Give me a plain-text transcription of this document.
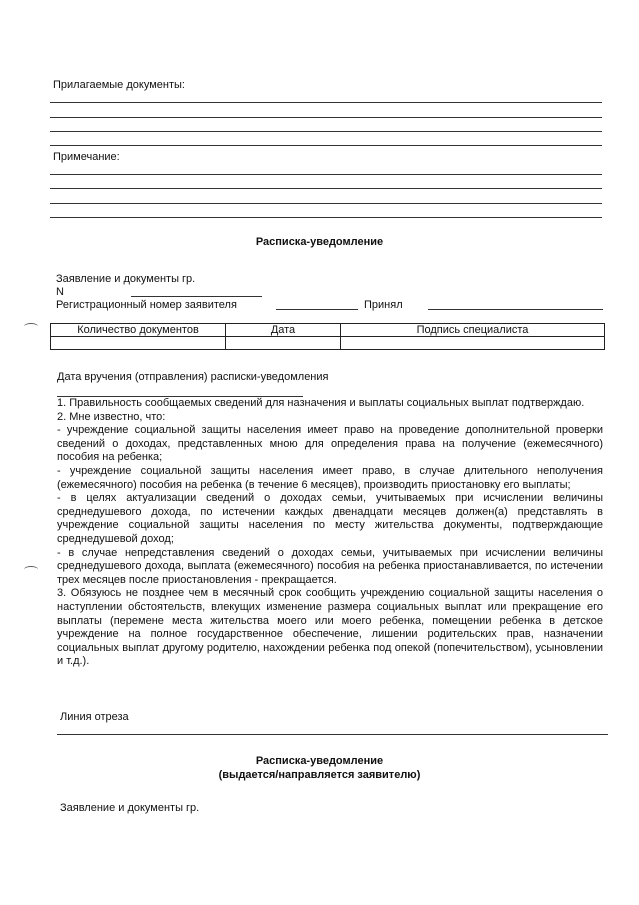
Прилагаемые документы:
Примечание:
Расписка-уведомление
Заявление и документы гр.
N
Регистрационный номер заявителя	Принял
Количество документов	Дата	Подпись специалиста

Дата вручения (отправления) расписки-уведомления

1. Правильность сообщаемых сведений для назначения и выплаты социальных выплат подтверждаю.

2. Мне известно, что:

- учреждение социальной защиты населения имеет право на проведение дополнительной проверки сведений о доходах, представленных мною для определения права на получение (ежемесячного) пособия на ребенка;

- учреждение социальной защиты населения имеет право, в случае длительного неполучения (ежемесячного) пособия на ребенка (в течение 6 месяцев), производить приостановку его выплаты;

- в целях актуализации сведений о доходах семьи, учитываемых при исчислении величины среднедушевого дохода, по истечении каждых двенадцати месяцев должен(а) представлять в учреждение социальной защиты населения по месту жительства документы, подтверждающие среднедушевой доход;

- в случае непредставления сведений о доходах семьи, учитываемых при исчислении величины среднедушевого дохода, выплата (ежемесячного) пособия на ребенка приостанавливается, по истечении трех месяцев после приостановления - прекращается.

3. Обязуюсь не позднее чем в месячный срок сообщить учреждению социальной защиты населения о наступлении обстоятельств, влекущих изменение размера социальных выплат или прекращение его выплаты (перемене места жительства моего или моего ребенка, помещении ребенка в детское учреждение на полное государственное обеспечение, лишении родительских прав, назначении социальных выплат другому родителю, нахождении ребенка под опекой (попечительством), усыновлении и т.д.).

Линия отреза
Расписка-уведомление
(выдается/направляется заявителю)
Заявление и документы гр.
